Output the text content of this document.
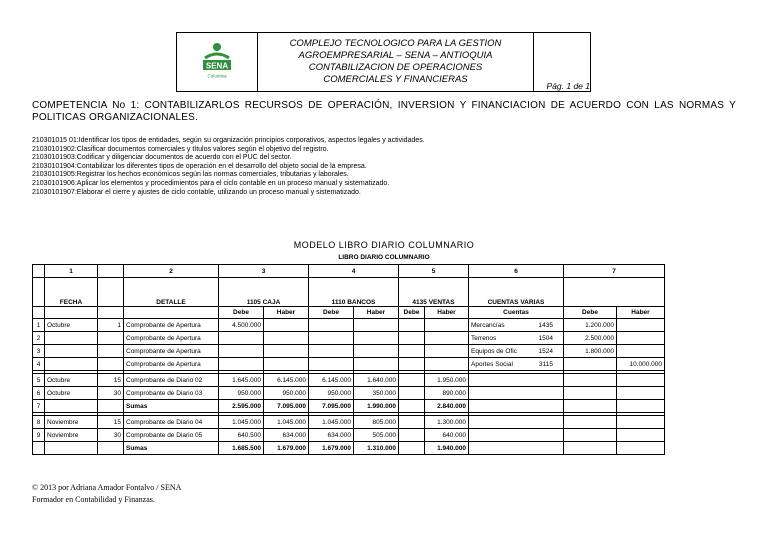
SENA
Colombia

COMPLEJO TECNOLOGICO PARA LA GESTION
AGROEMPRESARIAL – SENA – ANTIOQUIA
CONTABILIZACION DE OPERACIONES
COMERCIALES Y FINANCIERAS
	Pág. 1 de 1
COMPETENCIA No 1: CONTABILIZARLOS RECURSOS DE OPERACIÓN, INVERSION Y FINANCIACION DE ACUERDO CON LAS NORMAS Y POLITICAS ORGANIZACIONALES.
210301015 01: Identificar los tipos de entidades, según su organización principios corporativos, aspectos legales y actividades.
21030101902: Clasificar documentos comerciales y títulos valores según el objetivo del registro.
21030101903: Codificar y diligenciar documentos de acuerdo con el PUC del sector.
21030101904: Contabilizar los diferentes tipos de operación en el desarrollo del objeto social de la empresa.
21030101905: Registrar los hechos económicos según las normas comerciales, tributarias y laborales.
21030101906: Aplicar los elementos y procedimientos para el ciclo contable en un proceso manual y sistematizado.
21030101907: Elaborar el cierre y ajustes de ciclo contable, utilizando un proceso manual y sistematizado.
MODELO LIBRO DIARIO COLUMNARIO
LIBRO DIARIO COLUMNARIO
	1		2	3		4		5		6	7	
	FECHA		DETALLE	1105 CAJA		1110 BANCOS		4135 VENTAS		CUENTAS VARIAS		
				Debe	Haber	Debe	Haber	Debe	Haber	Cuentas	Debe	Haber
1	Octubre	1	Comprobante de Apertura	4.500.000						Mercancías 1435	1.200.000	
2			Comprobante de Apertura							Terrenos 1504	2.500.000	
3			Comprobante de Apertura							Equipos de Ofic 1524	1.800.000	
4			Comprobante de Apertura							Aportes Social 3115		10.000.000

5	Octubre	15	Comprobante de Diario 02	1.645.000	6.145.000	6.145.000	1.640.000		1.950.000	

6	Octubre	30	Comprobante de Diario 03	950.000	950.000	950.000	350.000		890.000	

7			Sumas	2.595.000	7.095.000	7.095.000	1.990.000		2.840.000	

8	Noviembre	15	Comprobante de Diario 04	1.045.000	1.045.000	1.045.000	805.000		1.300.000	

9	Noviembre	30	Comprobante de Diario 05	640.500	634.000	634.000	505.000		640.000	

			Sumas	1.685.500	1.679.000	1.679.000	1.310.000		1.940.000	

© 2013 por Adriana Amador Fontalvo / SENA
Formador en Contabilidad y Finanzas.
